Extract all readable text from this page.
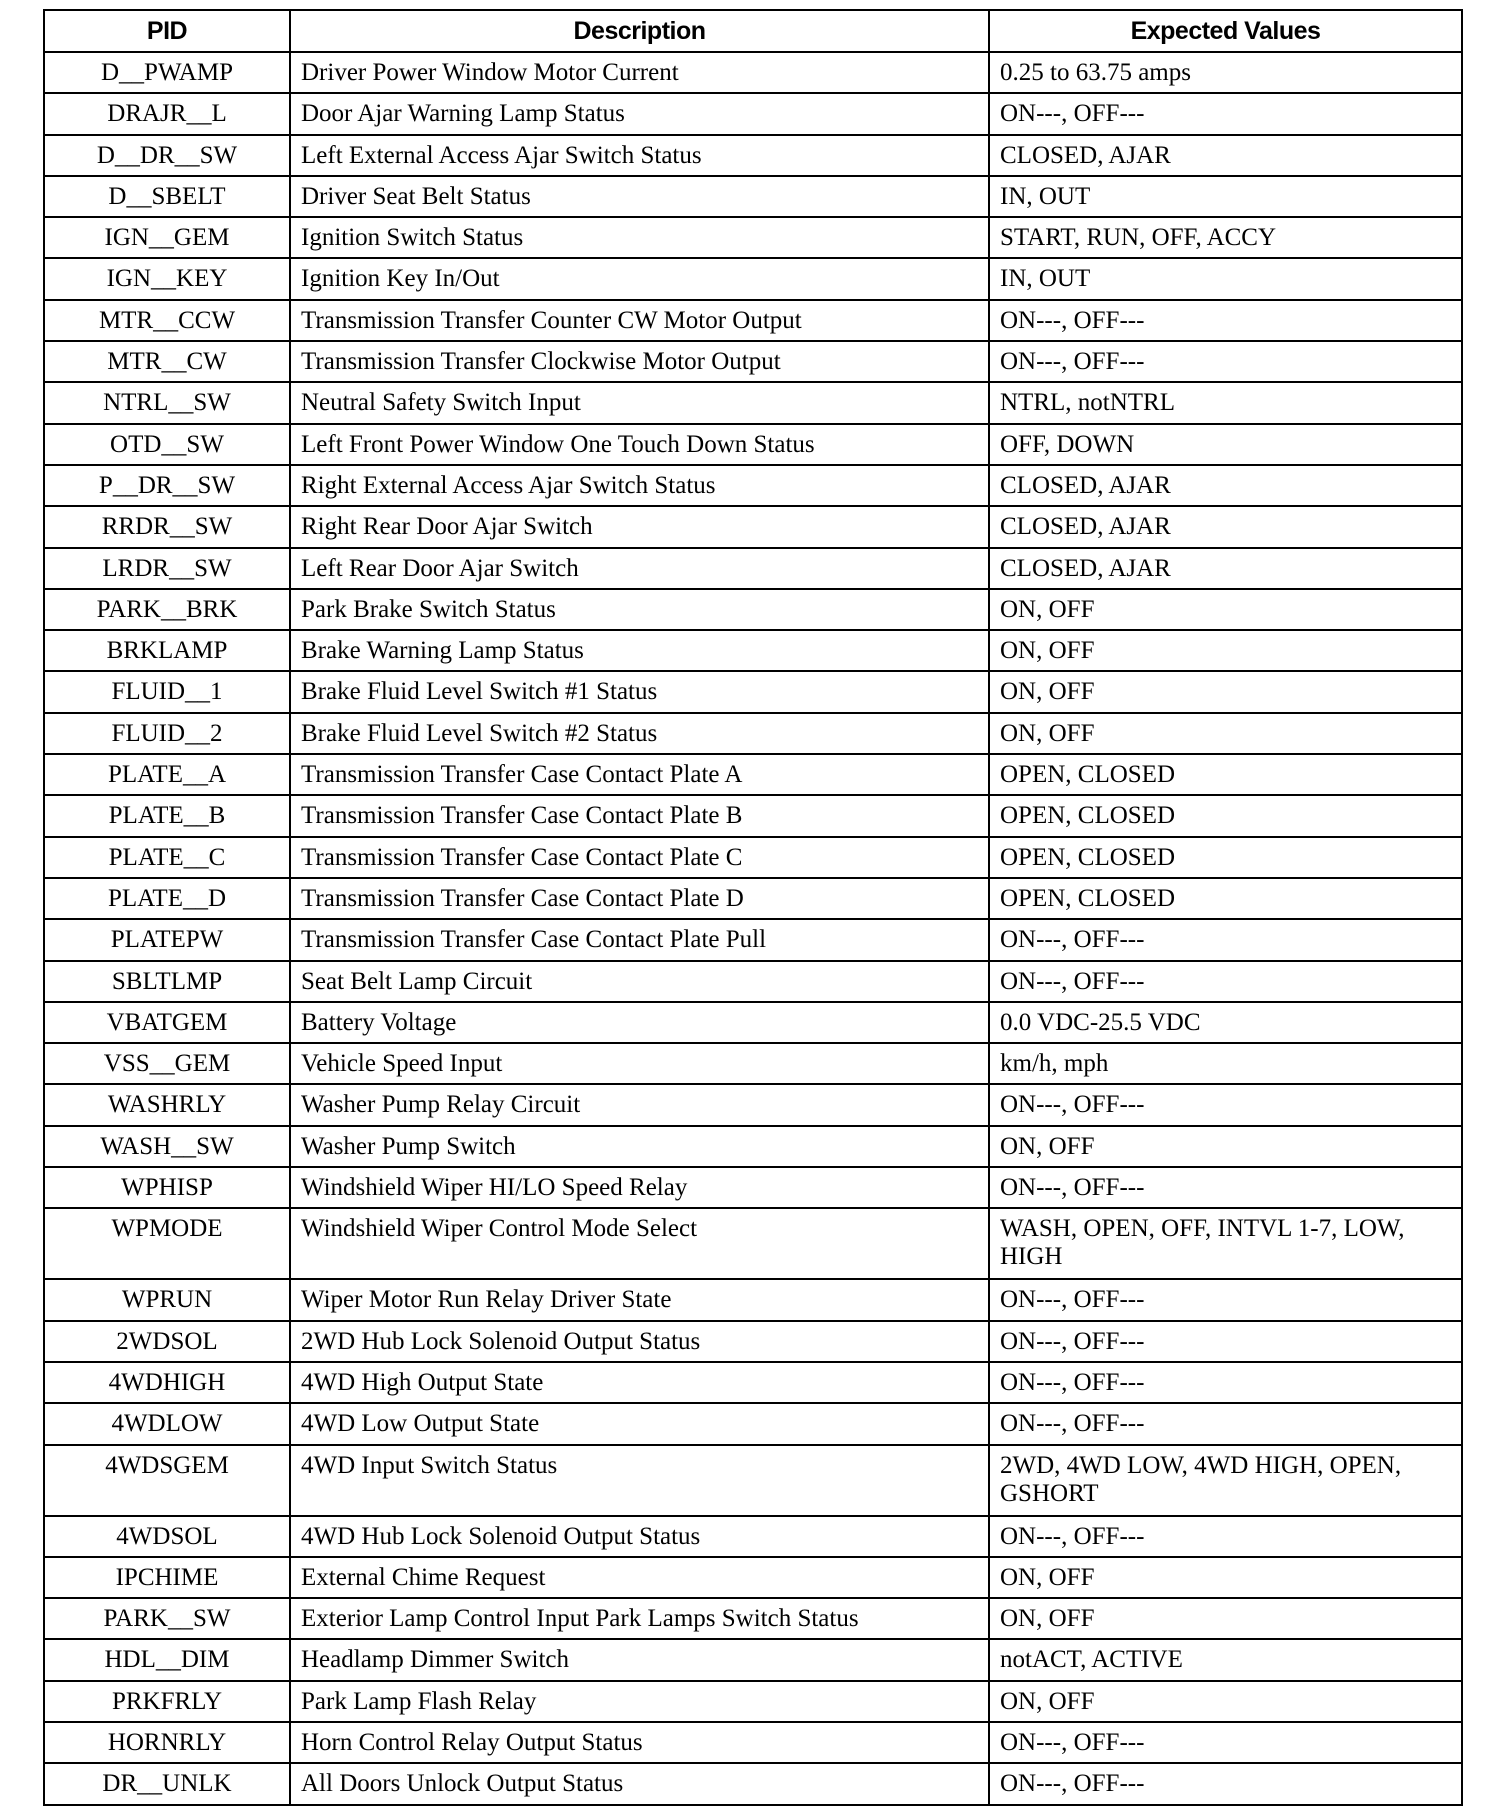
PID	Description	Expected Values
D__PWAMP	Driver Power Window Motor Current	0.25 to 63.75 amps
DRAJR__L	Door Ajar Warning Lamp Status	ON---, OFF---
D__DR__SW	Left External Access Ajar Switch Status	CLOSED, AJAR
D__SBELT	Driver Seat Belt Status	IN, OUT
IGN__GEM	Ignition Switch Status	START, RUN, OFF, ACCY
IGN__KEY	Ignition Key In/Out	IN, OUT
MTR__CCW	Transmission Transfer Counter CW Motor Output	ON---, OFF---
MTR__CW	Transmission Transfer Clockwise Motor Output	ON---, OFF---
NTRL__SW	Neutral Safety Switch Input	NTRL, notNTRL
OTD__SW	Left Front Power Window One Touch Down Status	OFF, DOWN
P__DR__SW	Right External Access Ajar Switch Status	CLOSED, AJAR
RRDR__SW	Right Rear Door Ajar Switch	CLOSED, AJAR
LRDR__SW	Left Rear Door Ajar Switch	CLOSED, AJAR
PARK__BRK	Park Brake Switch Status	ON, OFF
BRKLAMP	Brake Warning Lamp Status	ON, OFF
FLUID__1	Brake Fluid Level Switch #1 Status	ON, OFF
FLUID__2	Brake Fluid Level Switch #2 Status	ON, OFF
PLATE__A	Transmission Transfer Case Contact Plate A	OPEN, CLOSED
PLATE__B	Transmission Transfer Case Contact Plate B	OPEN, CLOSED
PLATE__C	Transmission Transfer Case Contact Plate C	OPEN, CLOSED
PLATE__D	Transmission Transfer Case Contact Plate D	OPEN, CLOSED
PLATEPW	Transmission Transfer Case Contact Plate Pull	ON---, OFF---
SBLTLMP	Seat Belt Lamp Circuit	ON---, OFF---
VBATGEM	Battery Voltage	0.0 VDC-25.5 VDC
VSS__GEM	Vehicle Speed Input	km/h, mph
WASHRLY	Washer Pump Relay Circuit	ON---, OFF---
WASH__SW	Washer Pump Switch	ON, OFF
WPHISP	Windshield Wiper HI/LO Speed Relay	ON---, OFF---
WPMODE	Windshield Wiper Control Mode Select	WASH, OPEN, OFF, INTVL 1-7, LOW, HIGH
WPRUN	Wiper Motor Run Relay Driver State	ON---, OFF---
2WDSOL	2WD Hub Lock Solenoid Output Status	ON---, OFF---
4WDHIGH	4WD High Output State	ON---, OFF---
4WDLOW	4WD Low Output State	ON---, OFF---
4WDSGEM	4WD Input Switch Status	2WD, 4WD LOW, 4WD HIGH, OPEN, GSHORT
4WDSOL	4WD Hub Lock Solenoid Output Status	ON---, OFF---
IPCHIME	External Chime Request	ON, OFF
PARK__SW	Exterior Lamp Control Input Park Lamps Switch Status	ON, OFF
HDL__DIM	Headlamp Dimmer Switch	notACT, ACTIVE
PRKFRLY	Park Lamp Flash Relay	ON, OFF
HORNRLY	Horn Control Relay Output Status	ON---, OFF---
DR__UNLK	All Doors Unlock Output Status	ON---, OFF---
